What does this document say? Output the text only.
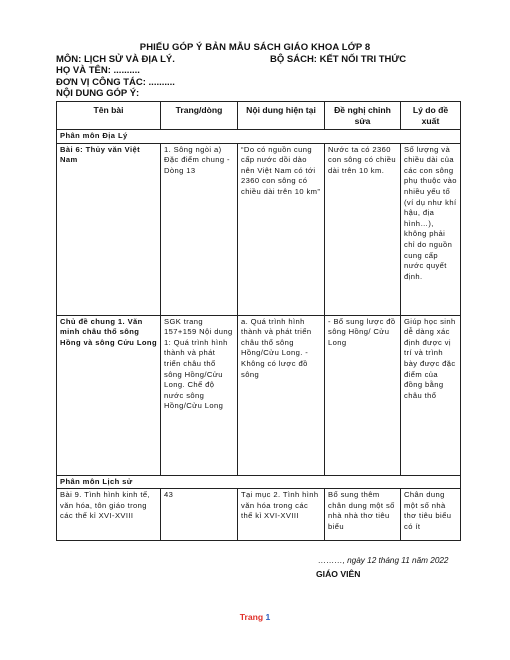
PHIẾU GÓP Ý BẢN MẪU SÁCH GIÁO KHOA LỚP 8
MÔN: LỊCH SỬ VÀ ĐỊA LÝ.	BỘ SÁCH: KẾT NỐI TRI THỨC
HỌ VÀ TÊN: ..........
ĐƠN VỊ CÔNG TÁC: ..........
NỘI DUNG GÓP Ý:
Tên bài	Trang/dòng	Nội dung hiện tại	Đề nghị chỉnh sửa	Lý do đề xuất
Phân môn Địa Lý				
Bài 6: Thủy văn Việt Nam	1. Sông ngòi a) Đặc điểm chung - Dòng 13	“Do có nguồn cung cấp nước dồi dào nên Việt Nam có tới 2360 con sông có chiều dài trên 10 km”	Nước ta có 2360 con sông có chiều dài trên 10 km.	Số lượng và chiều dài của các con sông phụ thuộc vào nhiều yếu tố (ví dụ như khí hậu, địa hình…), không phải chỉ do nguồn cung cấp nước quyết định.
Chủ đề chung 1. Văn minh châu thổ sông Hồng và sông Cửu Long	SGK trang 157+159 Nội dung 1: Quá trình hình thành và phát triển châu thổ sông Hồng/Cửu Long. Chế độ nước sông Hồng/Cửu Long	a. Quá trình hình thành và phát triển châu thổ sông Hồng/Cửu Long. - Không có lược đồ sông	- Bổ sung lược đồ sông Hồng/ Cửu Long	Giúp học sinh dễ dàng xác định được vị trí và trình bày được đặc điểm của đồng bằng châu thổ
Phân môn Lịch sử				
Bài 9. Tình hình kinh tế, văn hóa, tôn giáo trong các thế kỉ XVI-XVIII	43	Tại mục 2. Tình hình văn hóa trong các thế kỉ XVI-XVIII	Bổ sung thêm chân dung một số nhà nhà thơ tiêu biểu	Chân dung một số nhà thơ tiêu biểu có ít
………, ngày 12 tháng 11 năm 2022
GIÁO VIÊN
Trang 1
